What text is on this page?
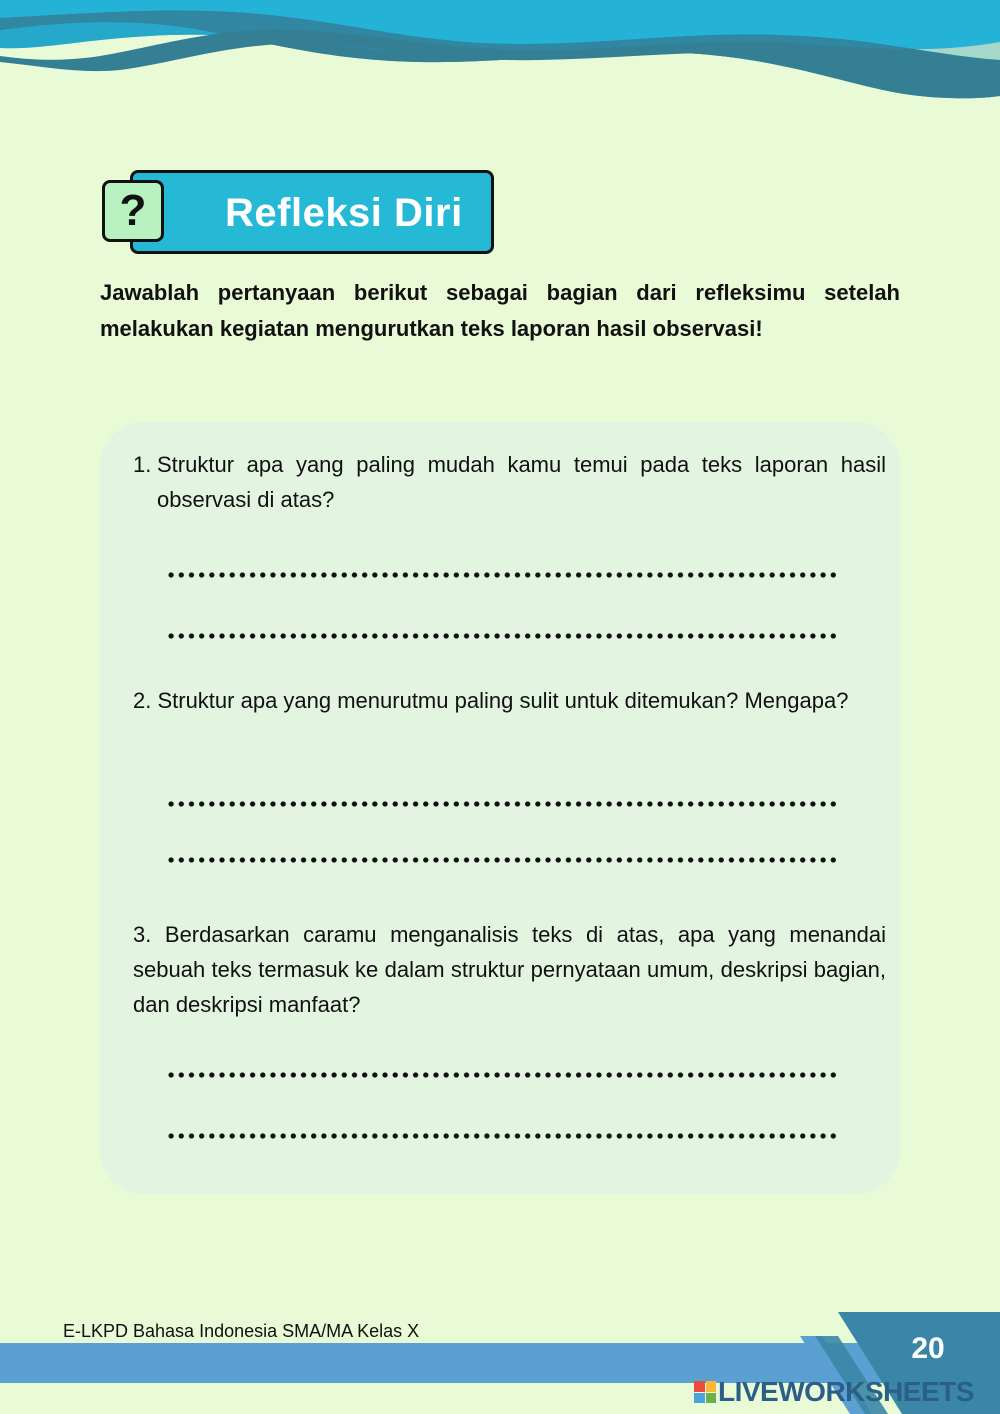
Refleksi Diri
?
Jawablah pertanyaan berikut sebagai bagian dari refleksimu setelah melakukan kegiatan mengurutkan teks laporan hasil observasi!
1. Struktur apa yang paling mudah kamu temui pada teks laporan hasil observasi di atas?
2. Struktur apa yang menurutmu paling sulit untuk ditemukan? Mengapa?
3. Berdasarkan caramu menganalisis teks di atas, apa yang menandai sebuah teks termasuk ke dalam struktur pernyataan umum, deskripsi bagian, dan deskripsi manfaat?
E-LKPD Bahasa Indonesia SMA/MA Kelas X
20
LIVEWORKSHEETS
